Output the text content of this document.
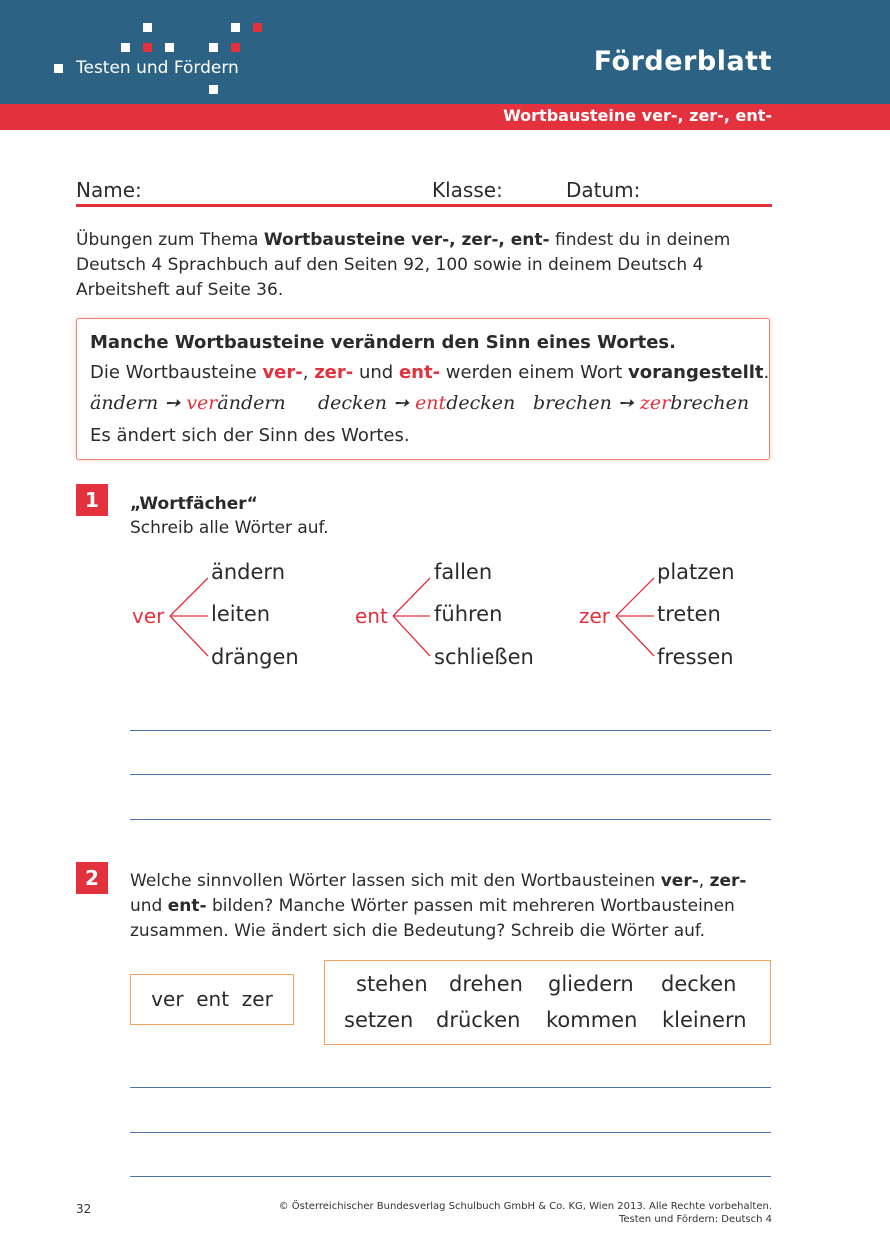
Testen und Fördern	Förderblatt
Wortbausteine ver-, zer-, ent-
Name:	Klasse:	Datum:

Übungen zum Thema Wortbausteine ver-, zer-, ent- findest du in deinem

Deutsch 4 Sprachbuch auf den Seiten 92, 100 sowie in deinem Deutsch 4

Arbeitsheft auf Seite 36.

Manche Wortbausteine verändern den Sinn eines Wortes.
Die Wortbausteine ver-, zer- und ent- werden einem Wort vorangestellt.
ändern ➙ verändern decken ➙ entdecken brechen ➙ zerbrechen
Es ändert sich der Sinn des Wortes.
1	„Wortfächer“
Schreib alle Wörter auf.
ver
ändern
leiten
drängen
ent
fallen
führen
schließen
zer
platzen
treten
fressen
2	Welche sinnvollen Wörter lassen sich mit den Wortbausteinen ver-, zer-
und ent- bilden? Manche Wörter passen mit mehreren Wortbausteinen
zusammen. Wie ändert sich die Bedeutung? Schreib die Wörter auf.
ver  ent  zer
stehen drehen gliedern decken
setzen drücken kommen kleinern
32	© Österreichischer Bundesverlag Schulbuch GmbH & Co. KG, Wien 2013. Alle Rechte vorbehalten.
Testen und Fördern: Deutsch 4
